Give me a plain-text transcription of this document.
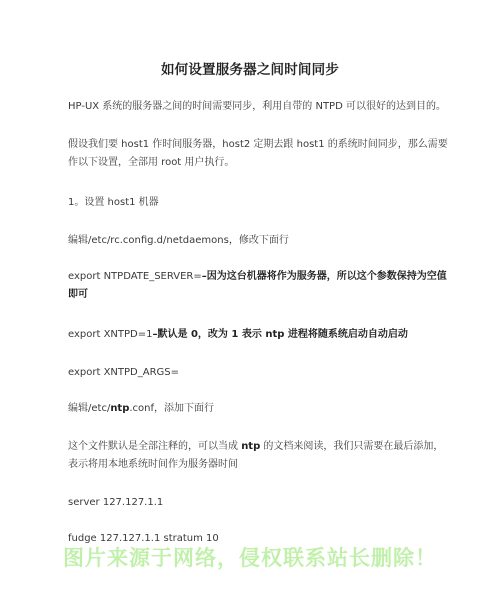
如何设置服务器之间时间同步
HP-UX 系统的服务器之间的时间需要同步，利用自带的 NTPD 可以很好的达到目的。
假设我们要 host1 作时间服务器，host2 定期去跟 host1 的系统时间同步，那么需要作以下设置，全部用 root 用户执行。
1。设置 host1 机器
编辑/etc/rc.config.d/netdaemons，修改下面行
export NTPDATE_SERVER=–因为这台机器将作为服务器，所以这个参数保持为空值即可
export XNTPD=1–默认是 0，改为 1 表示 ntp 进程将随系统启动自动启动
export XNTPD_ARGS=
编辑/etc/ntp.conf，添加下面行
这个文件默认是全部注释的，可以当成 ntp 的文档来阅读，我们只需要在最后添加，表示将用本地系统时间作为服务器时间
server 127.127.1.1
fudge 127.127.1.1 stratum 10
图片来源于网络，侵权联系站长删除！
